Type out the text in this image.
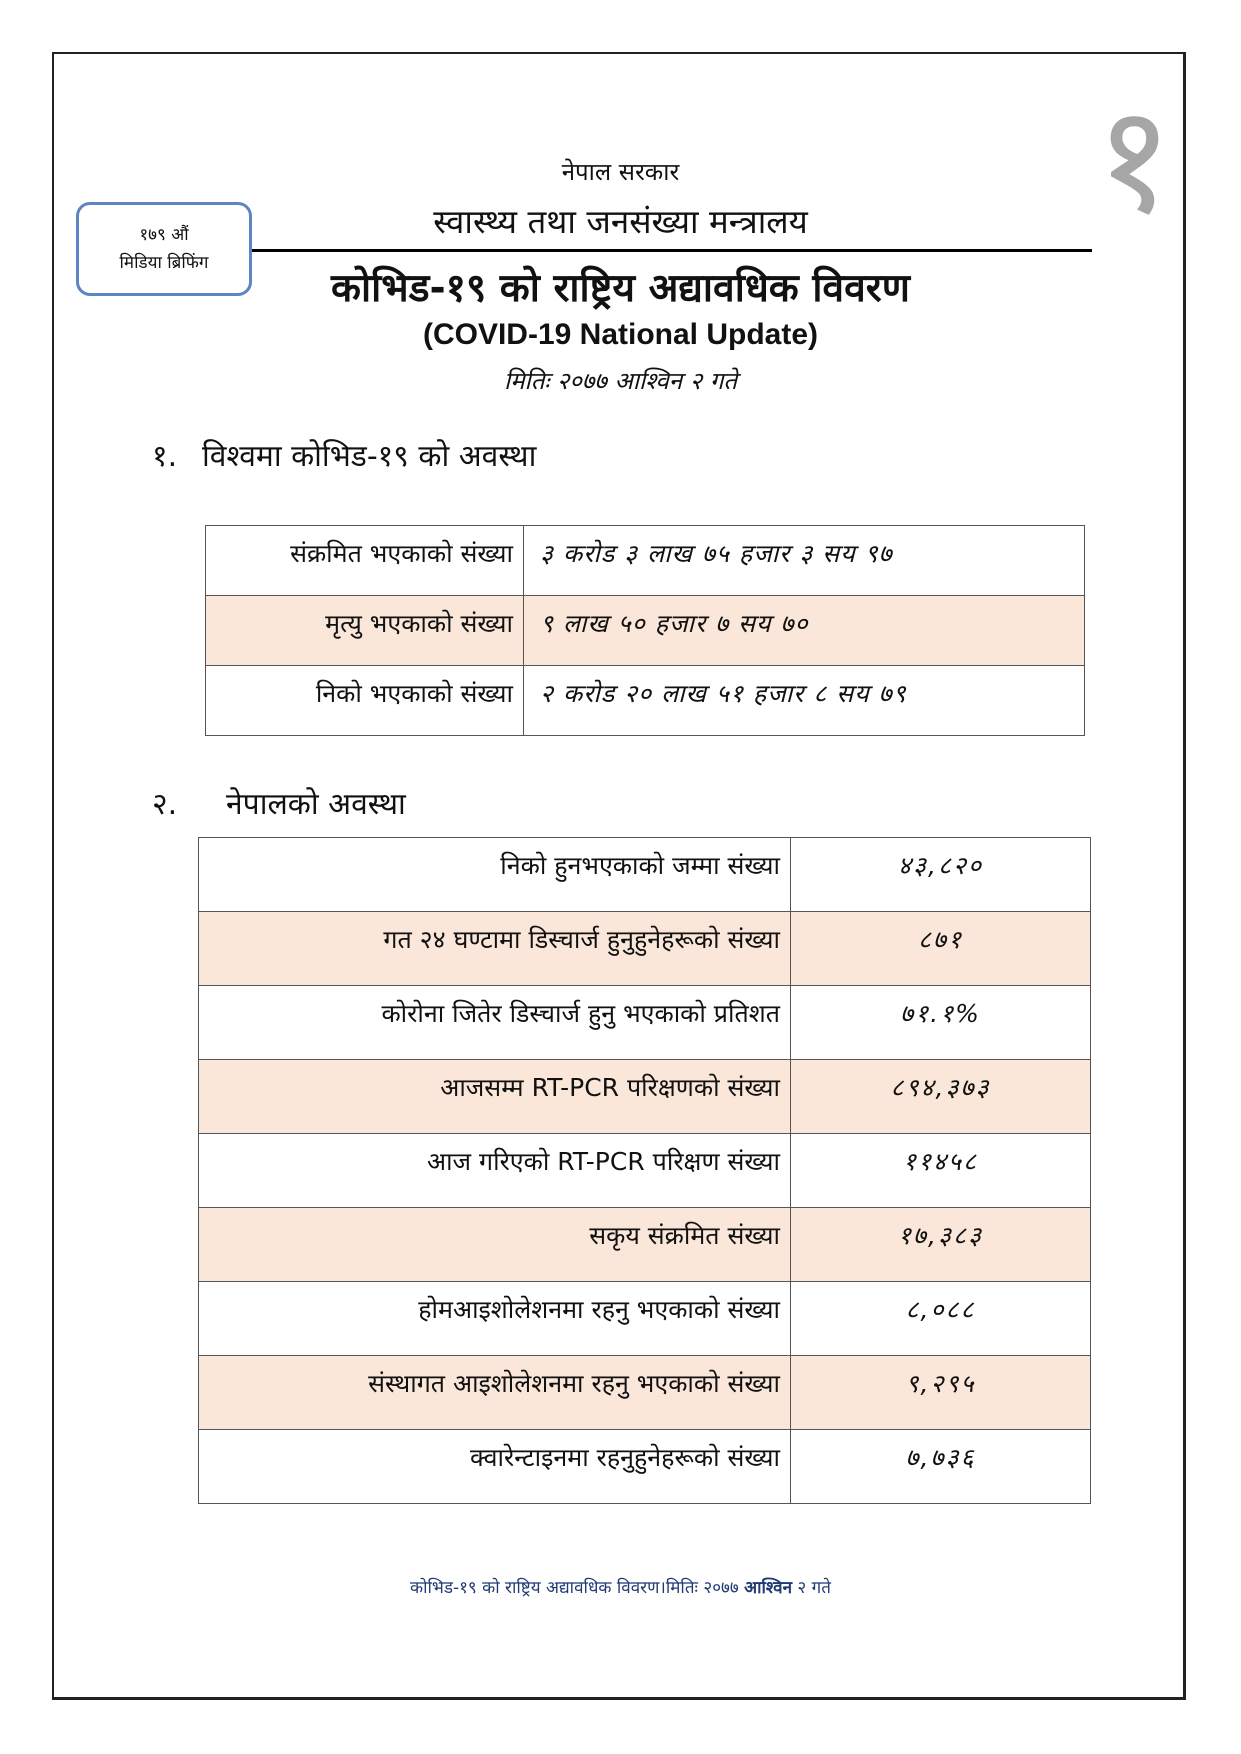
१
१७९ औं
मिडिया ब्रिफिंग
नेपाल सरकार
स्वास्थ्य तथा जनसंख्या मन्त्रालय
कोभिड-१९ को राष्ट्रिय अद्यावधिक विवरण
(COVID-19 National Update)
मितिः २०७७ आश्विन २ गते
१. विश्वमा कोभिड-१९ को अवस्था
संक्रमित भएकाको संख्या	३ करोड ३ लाख ७५ हजार ३ सय ९७
मृत्यु भएकाको संख्या	९ लाख ५० हजार ७ सय ७०
निको भएकाको संख्या	२ करोड २० लाख ५१ हजार ८ सय ७९
२. नेपालको अवस्था
निको हुनभएकाको जम्मा संख्या	४३,८२०
गत २४ घण्टामा डिस्चार्ज हुनुहुनेहरूको संख्या	८७१
कोरोना जितेर डिस्चार्ज हुनु भएकाको प्रतिशत	७१.१%
आजसम्म RT-PCR परिक्षणको संख्या	८९४,३७३
आज गरिएको RT-PCR परिक्षण संख्या	११४५८
सकृय संक्रमित संख्या	१७,३८३
होमआइशोलेशनमा रहनु भएकाको संख्या	८,०८८
संस्थागत आइशोलेशनमा रहनु भएकाको संख्या	९,२९५
क्वारेन्टाइनमा रहनुहुनेहरूको संख्या	७,७३६
कोभिड-१९ को राष्ट्रिय अद्यावधिक विवरण।मितिः २०७७ आश्विन २ गते
